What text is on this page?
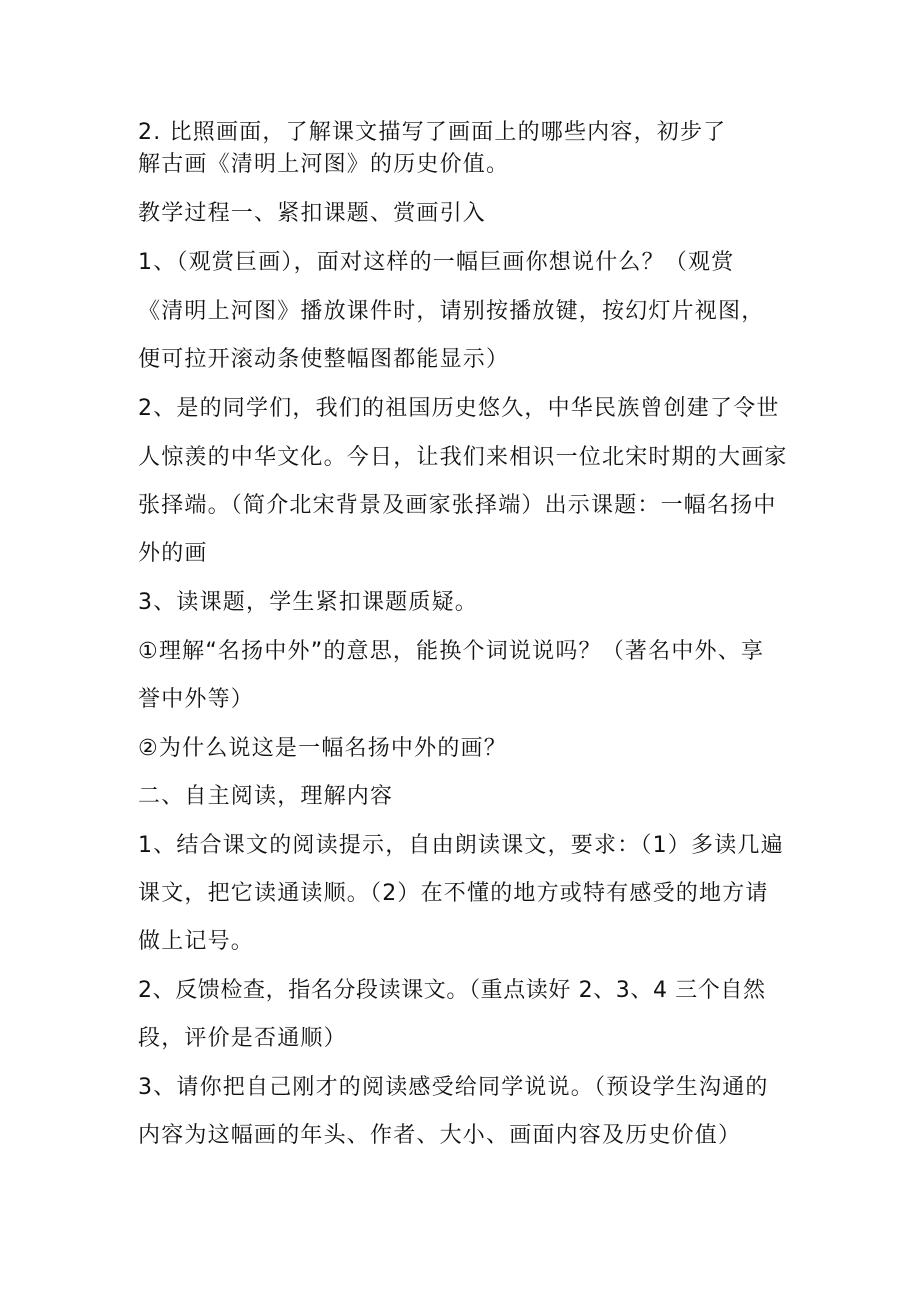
2. 比照画面，了解课文描写了画面上的哪些内容，初步了
解古画《清明上河图》的历史价值。
教学过程一、紧扣课题、赏画引入
1、（观赏巨画），面对这样的一幅巨画你想说什么？（观赏
《清明上河图》播放课件时，请别按播放键，按幻灯片视图，
便可拉开滚动条使整幅图都能显示）
2、是的同学们，我们的祖国历史悠久，中华民族曾创建了令世
人惊羡的中华文化。今日，让我们来相识一位北宋时期的大画家
张择端。（简介北宋背景及画家张择端）出示课题：一幅名扬中
外的画
3、读课题，学生紧扣课题质疑。
①理解“名扬中外”的意思，能换个词说说吗？（著名中外、享
誉中外等）
②为什么说这是一幅名扬中外的画？
二、自主阅读，理解内容
1、结合课文的阅读提示，自由朗读课文，要求：（1）多读几遍
课文，把它读通读顺。（2）在不懂的地方或特有感受的地方请
做上记号。
2、反馈检查，指名分段读课文。（重点读好 2、3、4 三个自然
段，评价是否通顺）
3、请你把自己刚才的阅读感受给同学说说。（预设学生沟通的
内容为这幅画的年头、作者、大小、画面内容及历史价值）
